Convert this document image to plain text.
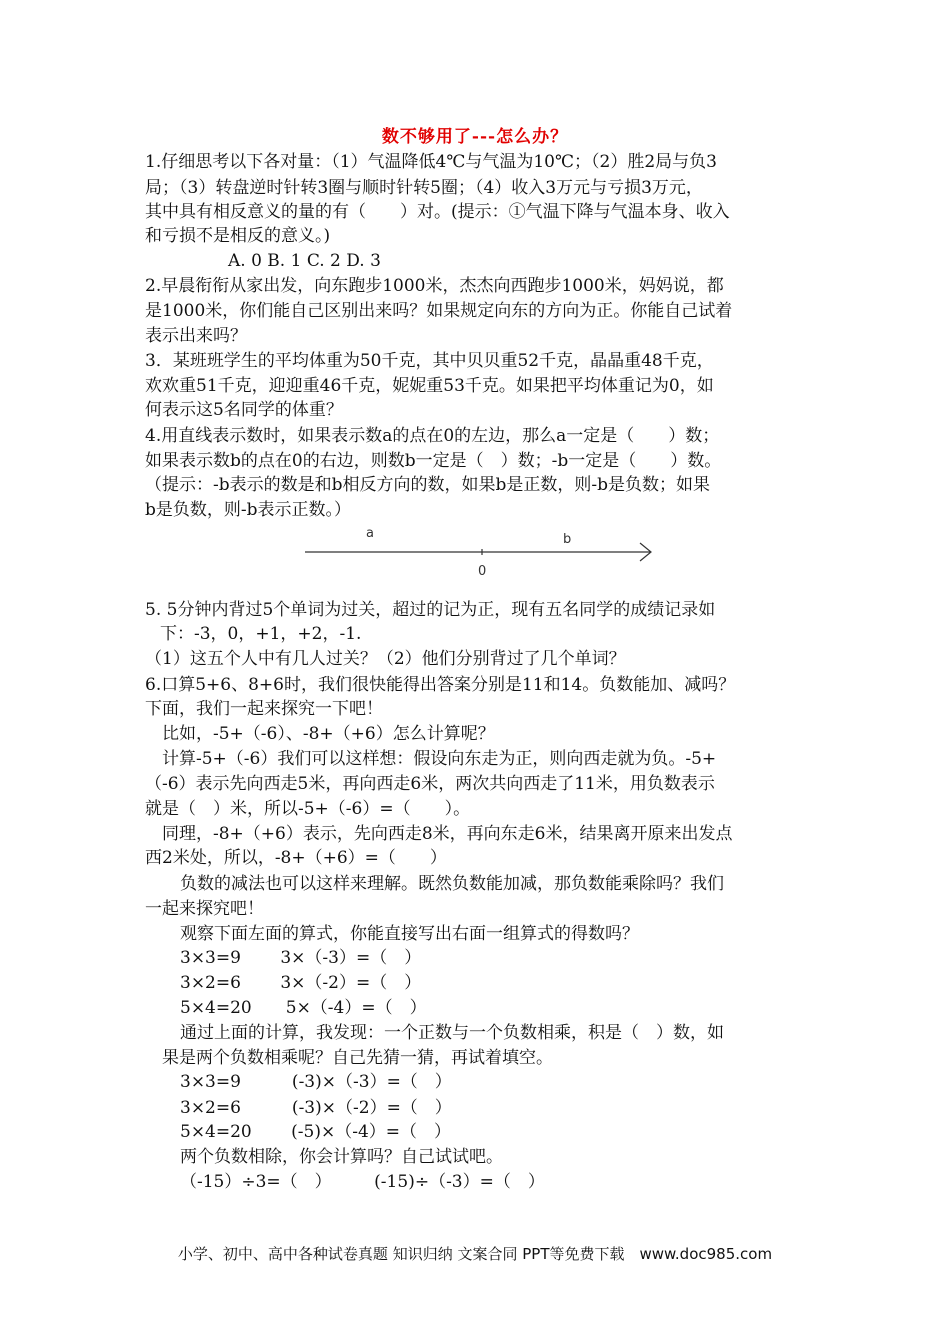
数不够用了---怎么办？
1.仔细思考以下各对量：（1）气温降低4℃与气温为10℃；（2）胜2局与负3
局；（3）转盘逆时针转3圈与顺时针转5圈；（4）收入3万元与亏损3万元，
其中具有相反意义的量的有（　　）对。(提示：①气温下降与气温本身、收入
和亏损不是相反的意义。)
A. 0 B. 1 C. 2 D. 3
2.早晨衔衔从家出发，向东跑步1000米，杰杰向西跑步1000米，妈妈说，都
是1000米，你们能自己区别出来吗？如果规定向东的方向为正。你能自己试着
表示出来吗？
3．某班班学生的平均体重为50千克，其中贝贝重52千克，晶晶重48千克，
欢欢重51千克，迎迎重46千克，妮妮重53千克。如果把平均体重记为0，如
何表示这5名同学的体重？
4.用直线表示数时，如果表示数a的点在0的左边，那么a一定是（　　）数；
如果表示数b的点在0的右边，则数b一定是（　）数；-b一定是（　　）数。
（提示：-b表示的数是和b相反方向的数，如果b是正数，则-b是负数；如果
b是负数，则-b表示正数。）
a	b
0
5. 5分钟内背过5个单词为过关，超过的记为正，现有五名同学的成绩记录如
下：-3，0，+1，+2，-1.
（1）这五个人中有几人过关？（2）他们分别背过了几个单词？
6.口算5+6、8+6时，我们很快能得出答案分别是11和14。负数能加、减吗？
下面，我们一起来探究一下吧！
比如，-5+（-6）、-8+（+6）怎么计算呢？
计算-5+（-6）我们可以这样想：假设向东走为正，则向西走就为负。-5+
（-6）表示先向西走5米，再向西走6米，两次共向西走了11米，用负数表示
就是（　）米，所以-5+（-6）=（　　）。
同理，-8+（+6）表示，先向西走8米，再向东走6米，结果离开原来出发点
西2米处，所以，-8+（+6）=（　　）
负数的减法也可以这样来理解。既然负数能加减，那负数能乘除吗？我们
一起来探究吧！
观察下面左面的算式，你能直接写出右面一组算式的得数吗？
3×3=9　　 3×（-3）=（　）
3×2=6　　 3×（-2）=（　）
5×4=20　　5×（-4）=（　）
通过上面的计算，我发现：一个正数与一个负数相乘，积是（　）数，如
果是两个负数相乘呢？自己先猜一猜，再试着填空。
3×3=9　　　(-3)×（-3）=（　）
3×2=6　　　(-3)×（-2）=（　）
5×4=20　　 (-5)×（-4）=（　）
两个负数相除，你会计算吗？自己试试吧。
（-15）÷3=（　）　　　(-15)÷（-3）=（　）
小学、初中、高中各种试卷真题 知识归纳 文案合同 PPT等免费下载　www.doc985.com
